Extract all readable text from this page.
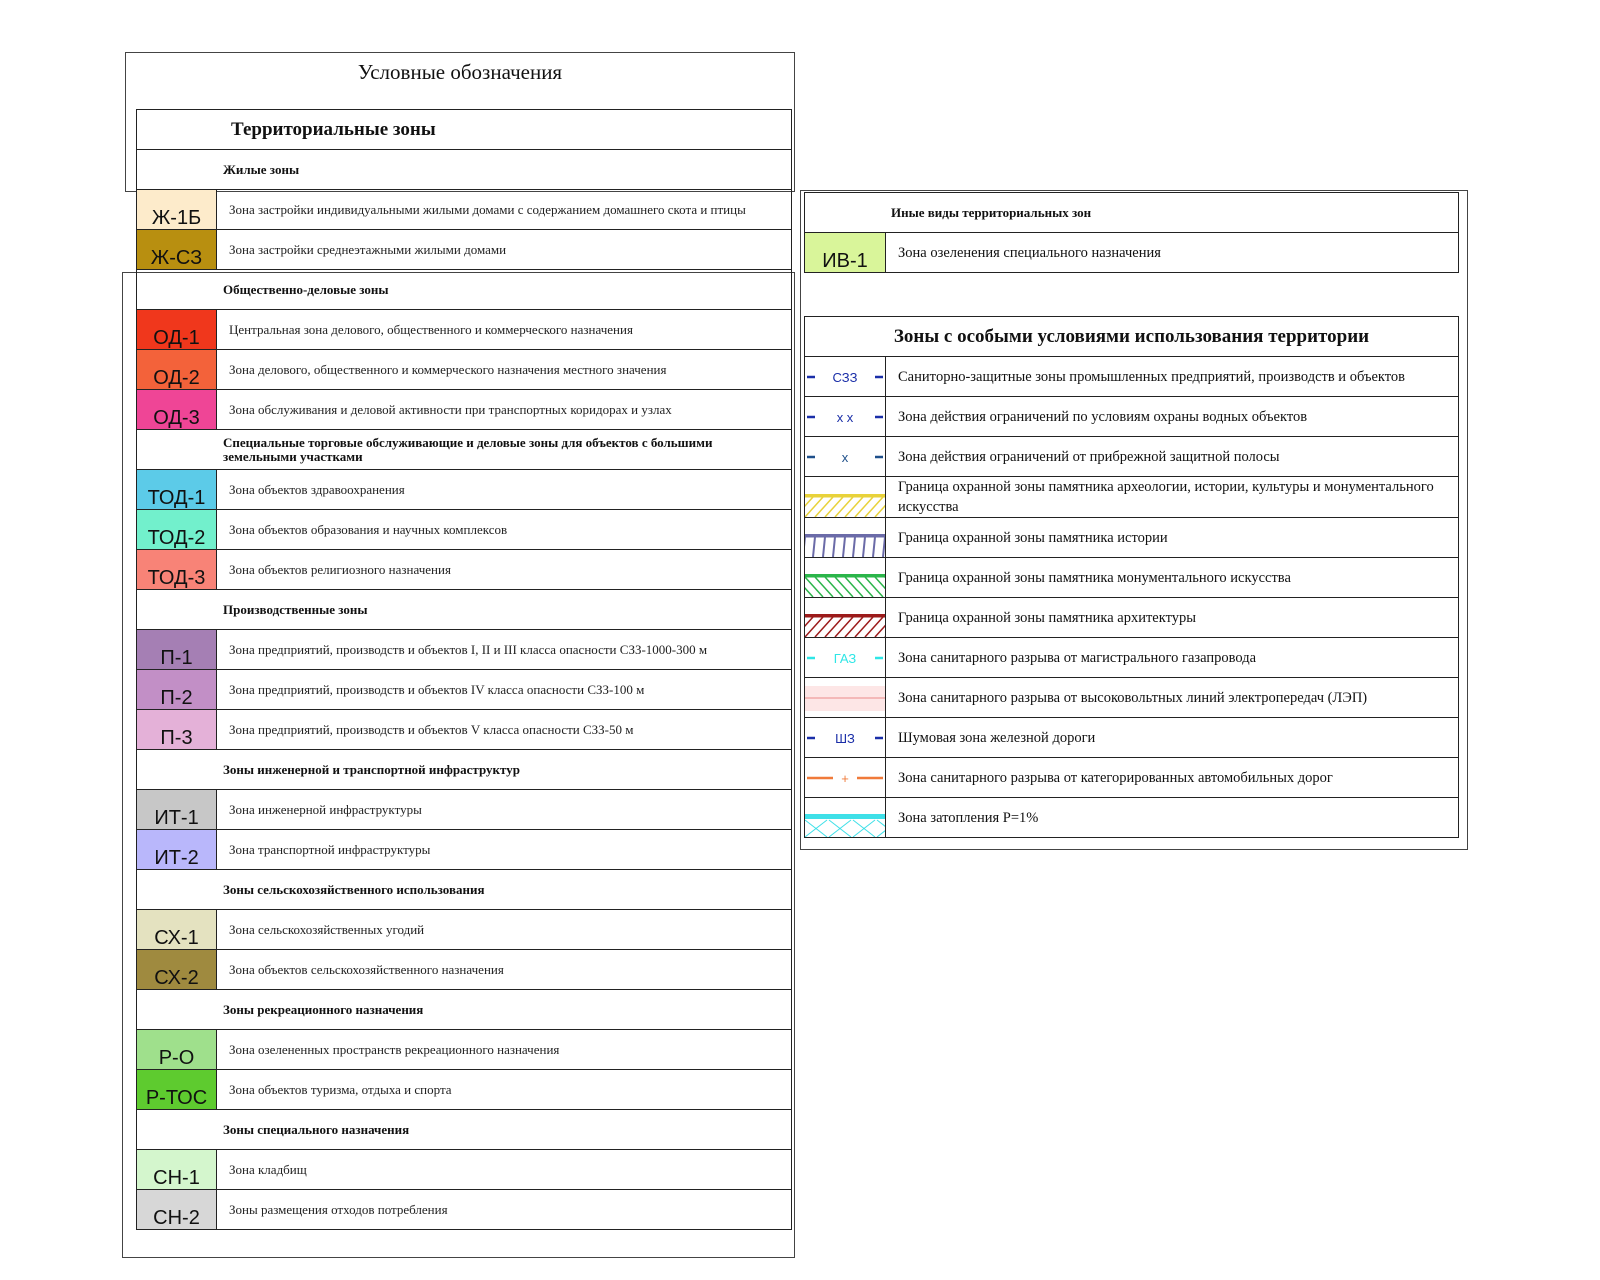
Условные обозначения
Территориальные зоны	
Жилые зоны	
Ж-1Б	Зона застройки индивидуальными жилыми домами с содержанием домашнего скота и птицы
Ж-СЗ	Зона застройки среднеэтажными жилыми домами
Общественно-деловые зоны	
ОД-1	Центральная зона делового, общественного и коммерческого назначения
ОД-2	Зона делового, общественного и коммерческого назначения местного значения
ОД-3	Зона обслуживания и деловой активности при транспортных коридорах и узлах
Специальные торговые обслуживающие и деловые зоны для объектов с большими земельными участками	
ТОД-1	Зона объектов здравоохранения
ТОД-2	Зона объектов образования и научных комплексов
ТОД-3	Зона объектов религиозного назначения
Производственные зоны	
П-1	Зона предприятий, производств и объектов I, II и III класса опасности СЗЗ-1000-300 м
П-2	Зона предприятий, производств и объектов IV класса опасности СЗЗ-100 м
П-3	Зона предприятий, производств и объектов V класса опасности СЗЗ-50 м
Зоны инженерной и транспортной инфраструктур	
ИТ-1	Зона инженерной инфраструктуры
ИТ-2	Зона транспортной инфраструктуры
Зоны сельскохозяйственного использования	
СХ-1	Зона сельскохозяйственных угодий
СХ-2	Зона объектов сельскохозяйственного назначения
Зоны рекреационного назначения	
Р-О	Зона озелененных пространств рекреационного назначения
Р-ТОС	Зона объектов туризма, отдыха и спорта
Зоны специального назначения	
СН-1	Зона кладбищ
СН-2	Зоны размещения отходов потребления
Иные виды территориальных зон
ИВ-1	Зона озеленения специального назначения
Зоны с особыми условиями использования территории	

СЗЗ	Санитoрно-защитные зоны промышленных предприятий, производств и объектов

х х	Зона действия ограничений по условиям охраны водных объектов

х	Зона действия ограничений от прибрежной защитной полосы

	Граница охранной зоны памятника археологии, истории, культуры и монументального искусства

	Граница охранной зоны памятника истории

	Граница охранной зоны памятника монументального искусства

	Граница охранной зоны памятника архитектуры

ГАЗ	Зона санитарного разрыва от магистрального газапровода

	Зона санитарного разрыва от высоковольтных линий электропередач (ЛЭП)

ШЗ	Шумовая зона железной дороги

+	Зона санитарного разрыва от категорированных автомобильных дорог

	Зона затопления Р=1%
